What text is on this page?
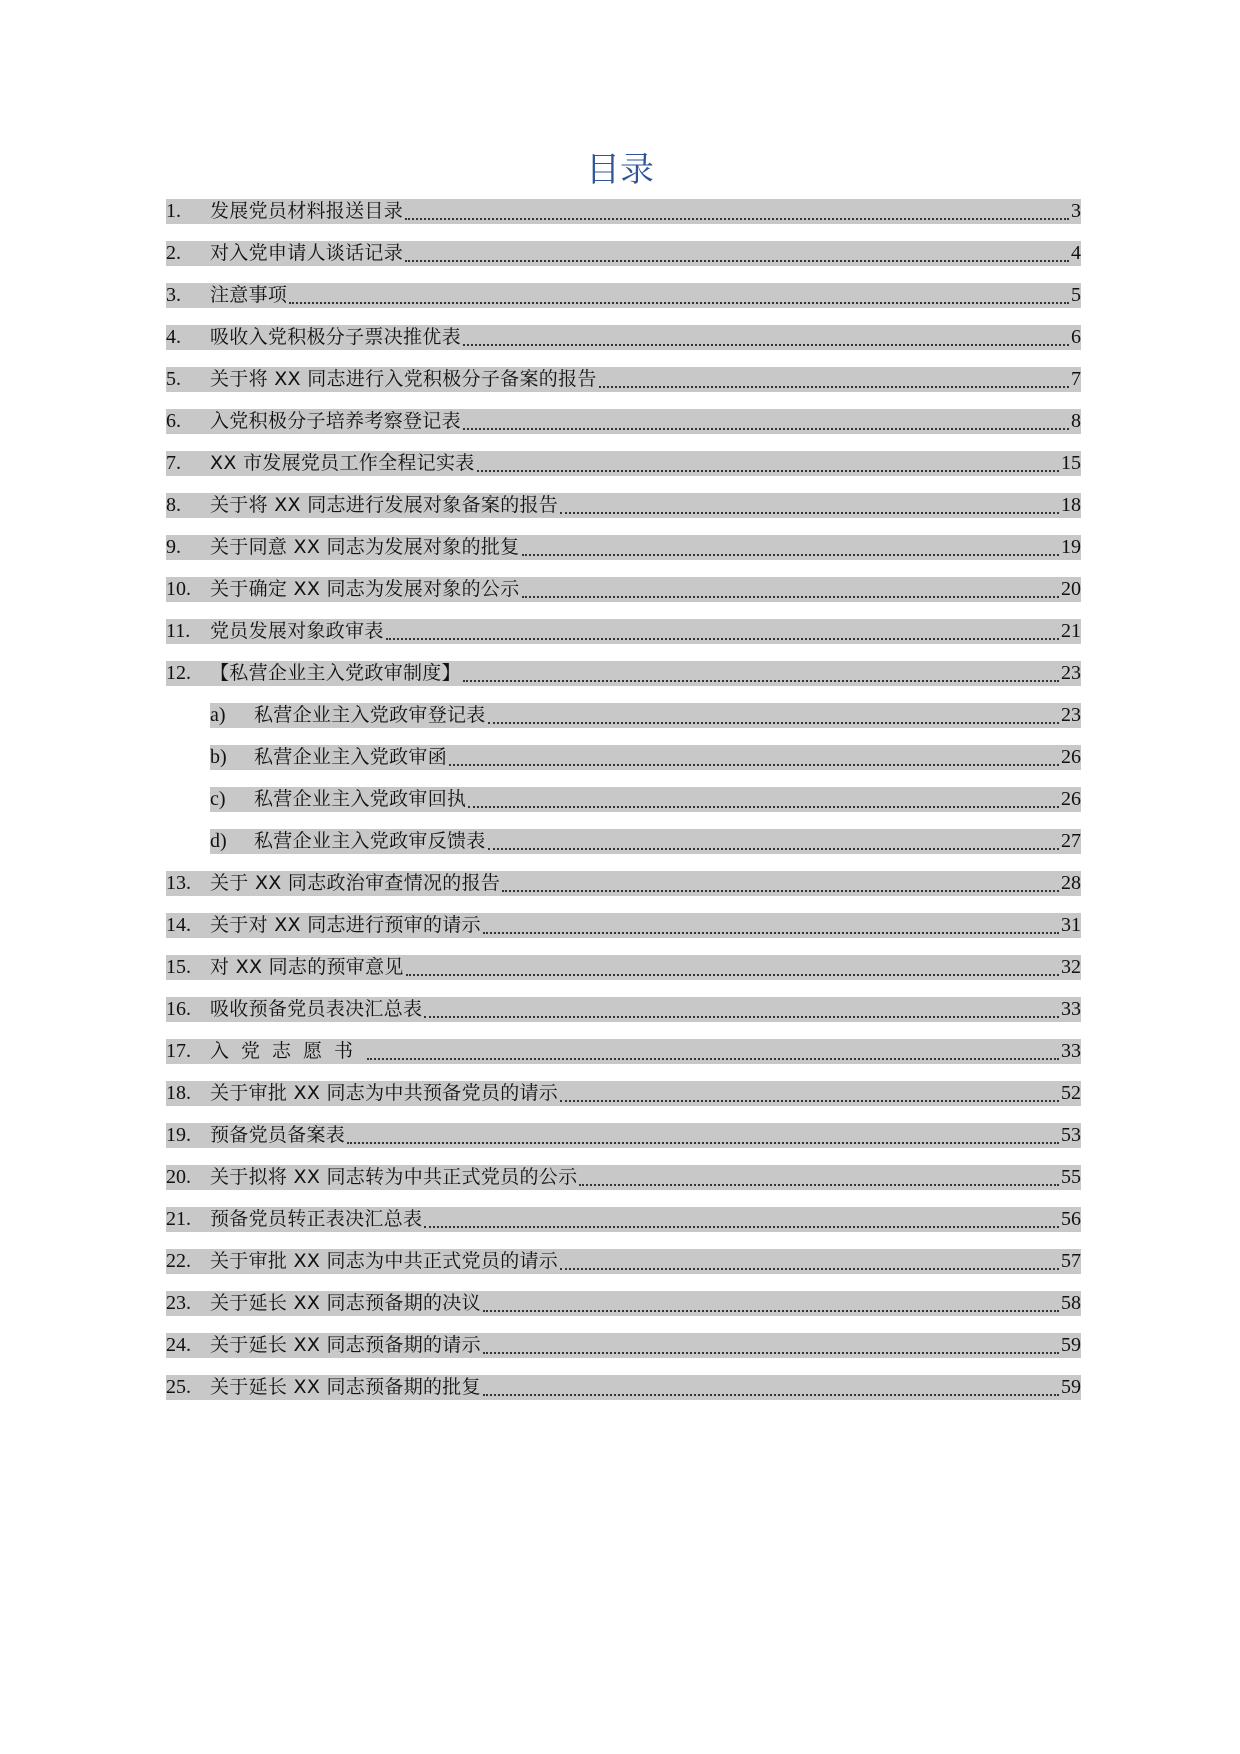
目录
1.	发展党员材料报送目录	3
2.	对入党申请人谈话记录	4
3.	注意事项	5
4.	吸收入党积极分子票决推优表	6
5.	关于将 XX 同志进行入党积极分子备案的报告	7
6.	入党积极分子培养考察登记表	8
7.	XX 市发展党员工作全程记实表	15
8.	关于将 XX 同志进行发展对象备案的报告	18
9.	关于同意 XX 同志为发展对象的批复	19
10.	关于确定 XX 同志为发展对象的公示	20
11.	党员发展对象政审表	21
12.	【私营企业主入党政审制度】	23
a)	私营企业主入党政审登记表	23
b)	私营企业主入党政审函	26
c)	私营企业主入党政审回执	26
d)	私营企业主入党政审反馈表	27
13.	关于 XX 同志政治审查情况的报告	28
14.	关于对 XX 同志进行预审的请示	31
15.	对 XX 同志的预审意见	32
16.	吸收预备党员表决汇总表	33
17.	入党志愿书	33
18.	关于审批 XX 同志为中共预备党员的请示	52
19.	预备党员备案表	53
20.	关于拟将 XX 同志转为中共正式党员的公示	55
21.	预备党员转正表决汇总表	56
22.	关于审批 XX 同志为中共正式党员的请示	57
23.	关于延长 XX 同志预备期的决议	58
24.	关于延长 XX 同志预备期的请示	59
25.	关于延长 XX 同志预备期的批复	59
